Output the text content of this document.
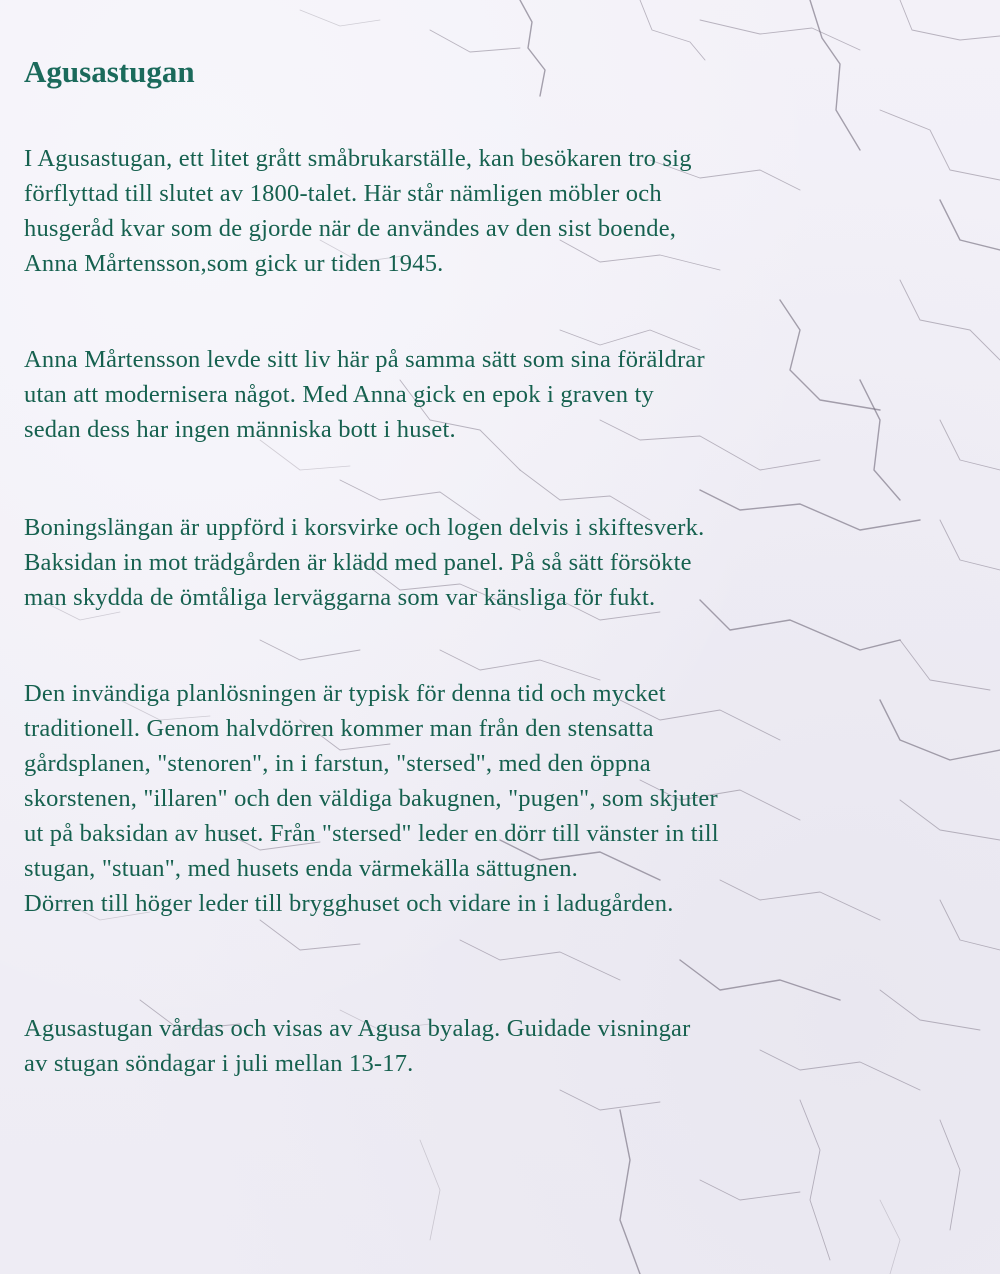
Agusastugan

I Agusastugan, ett litet grått småbrukarställe, kan besökaren tro sig
förflyttad till slutet av 1800-talet. Här står nämligen möbler och
husgeråd kvar som de gjorde när de användes av den sist boende,
Anna Mårtensson,som gick ur tiden 1945.

Anna Mårtensson levde sitt liv här på samma sätt som sina föräldrar
utan att modernisera något. Med Anna gick en epok i graven ty
sedan dess har ingen människa bott i huset.

Boningslängan är uppförd i korsvirke och logen delvis i skiftesverk.
Baksidan in mot trädgården är klädd med panel. På så sätt försökte
man skydda de ömtåliga lerväggarna som var känsliga för fukt.

Den invändiga planlösningen är typisk för denna tid och mycket
traditionell. Genom halvdörren kommer man från den stensatta
gårdsplanen, "stenoren", in i farstun, "stersed", med den öppna
skorstenen, "illaren" och den väldiga bakugnen, "pugen", som skjuter
ut på baksidan av huset. Från "stersed" leder en dörr till vänster in till
stugan, "stuan", med husets enda värmekälla sättugnen.
Dörren till höger leder till brygghuset och vidare in i ladugården.

Agusastugan vårdas och visas av Agusa byalag. Guidade visningar
av stugan söndagar i juli mellan 13-17.
